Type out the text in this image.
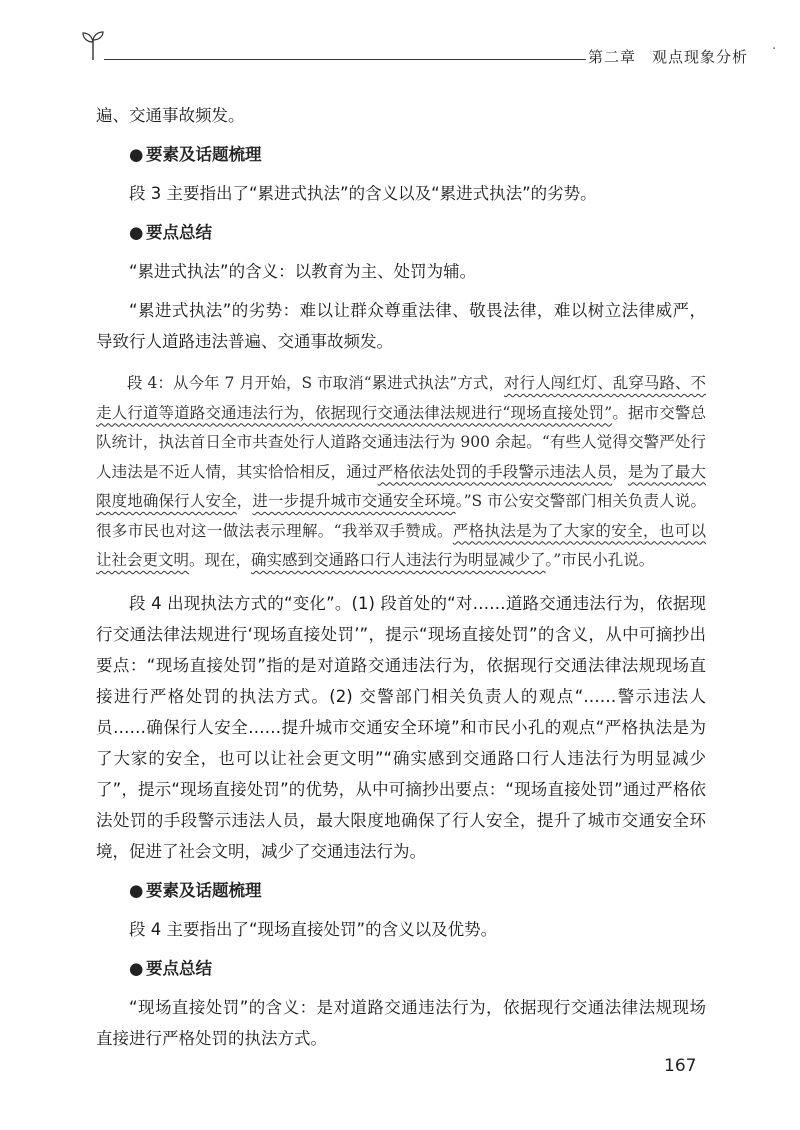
第二章　观点现象分析 ·

遍、交通事故频发。

● 要素及话题梳理

段 3 主要指出了“累进式执法”的含义以及“累进式执法”的劣势。

● 要点总结

“累进式执法”的含义：以教育为主、处罚为辅。

“累进式执法”的劣势：难以让群众尊重法律、敬畏法律，难以树立法律威严，导致行人道路违法普遍、交通事故频发。

段 4：从今年 7 月开始，S 市取消“累进式执法”方式，对行人闯红灯、乱穿马路、不走人行道等道路交通违法行为，依据现行交通法律法规进行“现场直接处罚”。据市交警总队统计，执法首日全市共查处行人道路交通违法行为 900 余起。“有些人觉得交警严处行人违法是不近人情，其实恰恰相反，通过严格依法处罚的手段警示违法人员，是为了最大限度地确保行人安全，进一步提升城市交通安全环境。”S 市公安交警部门相关负责人说。很多市民也对这一做法表示理解。“我举双手赞成。严格执法是为了大家的安全，也可以让社会更文明。现在，确实感到交通路口行人违法行为明显减少了。”市民小孔说。

段 4 出现执法方式的“变化”。(1) 段首处的“对……道路交通违法行为，依据现行交通法律法规进行‘现场直接处罚’”，提示“现场直接处罚”的含义，从中可摘抄出要点：“现场直接处罚”指的是对道路交通违法行为，依据现行交通法律法规现场直接进行严格处罚的执法方式。(2) 交警部门相关负责人的观点“……警示违法人员……确保行人安全……提升城市交通安全环境”和市民小孔的观点“严格执法是为了大家的安全，也可以让社会更文明”“确实感到交通路口行人违法行为明显减少了”，提示“现场直接处罚”的优势，从中可摘抄出要点：“现场直接处罚”通过严格依法处罚的手段警示违法人员，最大限度地确保了行人安全，提升了城市交通安全环境，促进了社会文明，减少了交通违法行为。

● 要素及话题梳理

段 4 主要指出了“现场直接处罚”的含义以及优势。

● 要点总结

“现场直接处罚”的含义：是对道路交通违法行为，依据现行交通法律法规现场直接进行严格处罚的执法方式。

167
